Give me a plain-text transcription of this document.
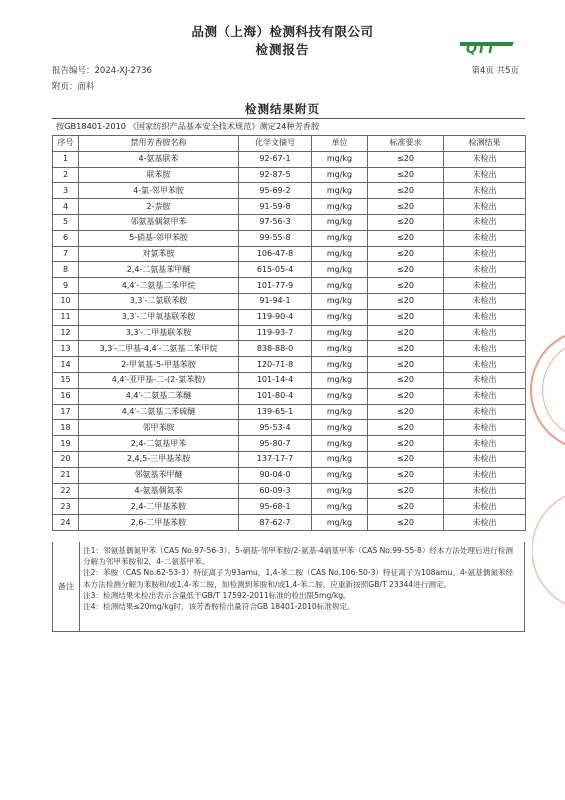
品测（上海）检测科技有限公司
检测报告	QTT
报告编号：2024-XJ-2736
附页：面料
第4页 共5页
检测结果附页
按GB18401-2010 《国家纺织产品基本安全技术规范》测定24种芳香胺
序号	禁用芳香胺名称	化学文摘号	单位	标准要求	检测结果
1	4-氨基联苯	92-67-1	mg/kg	≤20	未检出
2	联苯胺	92-87-5	mg/kg	≤20	未检出
3	4-氯-邻甲苯胺	95-69-2	mg/kg	≤20	未检出
4	2-萘胺	91-59-8	mg/kg	≤20	未检出
5	邻氨基偶氮甲苯	97-56-3	mg/kg	≤20	未检出
6	5-硝基-邻甲苯胺	99-55-8	mg/kg	≤20	未检出
7	对氯苯胺	106-47-8	mg/kg	≤20	未检出
8	2,4-二氨基苯甲醚	615-05-4	mg/kg	≤20	未检出
9	4,4′-二氨基二苯甲烷	101-77-9	mg/kg	≤20	未检出
10	3,3′-二氯联苯胺	91-94-1	mg/kg	≤20	未检出
11	3,3′-二甲氧基联苯胺	119-90-4	mg/kg	≤20	未检出
12	3,3′-二甲基联苯胺	119-93-7	mg/kg	≤20	未检出
13	3,3′-二甲基-4,4′-二氨基二苯甲烷	838-88-0	mg/kg	≤20	未检出
14	2-甲氧基-5-甲基苯胺	120-71-8	mg/kg	≤20	未检出
15	4,4′-亚甲基-二-(2-氯苯胺)	101-14-4	mg/kg	≤20	未检出
16	4,4′-二氨基二苯醚	101-80-4	mg/kg	≤20	未检出
17	4,4′-二氨基二苯硫醚	139-65-1	mg/kg	≤20	未检出
18	邻甲苯胺	95-53-4	mg/kg	≤20	未检出
19	2,4-二氨基甲苯	95-80-7	mg/kg	≤20	未检出
20	2,4,5-三甲基苯胺	137-17-7	mg/kg	≤20	未检出
21	邻氨基苯甲醚	90-04-0	mg/kg	≤20	未检出
22	4-氨基偶氮苯	60-09-3	mg/kg	≤20	未检出
23	2,4-二甲基苯胺	95-68-1	mg/kg	≤20	未检出
24	2,6-二甲基苯胺	87-62-7	mg/kg	≤20	未检出
备注

注1：邻氨基偶氮甲苯（CAS No.97-56-3）、5-硝基-邻甲苯胺/2-氨基-4硝基甲苯（CAS No.99-55-8）经本方法处理后进行检测分解为邻甲苯胺和2，4-二氨基甲苯。

注2：苯胺（CAS No.62-53-3）特征离子为93amu，1,4-苯二胺（CAS No.106-50-3）特征离子为108amu。4-氨基偶氮苯经本方法检测分解为苯胺和/或1,4-苯二胺，如检测到苯胺和/或1,4-苯二胺，应重新按照GB/T 23344进行测定。

注3：检测结果未检出表示含量低于GB/T 17592-2011标准的检出限5mg/kg。

注4：检测结果≤20mg/kg时，该芳香胺检出量符合GB 18401-2010标准规定。
